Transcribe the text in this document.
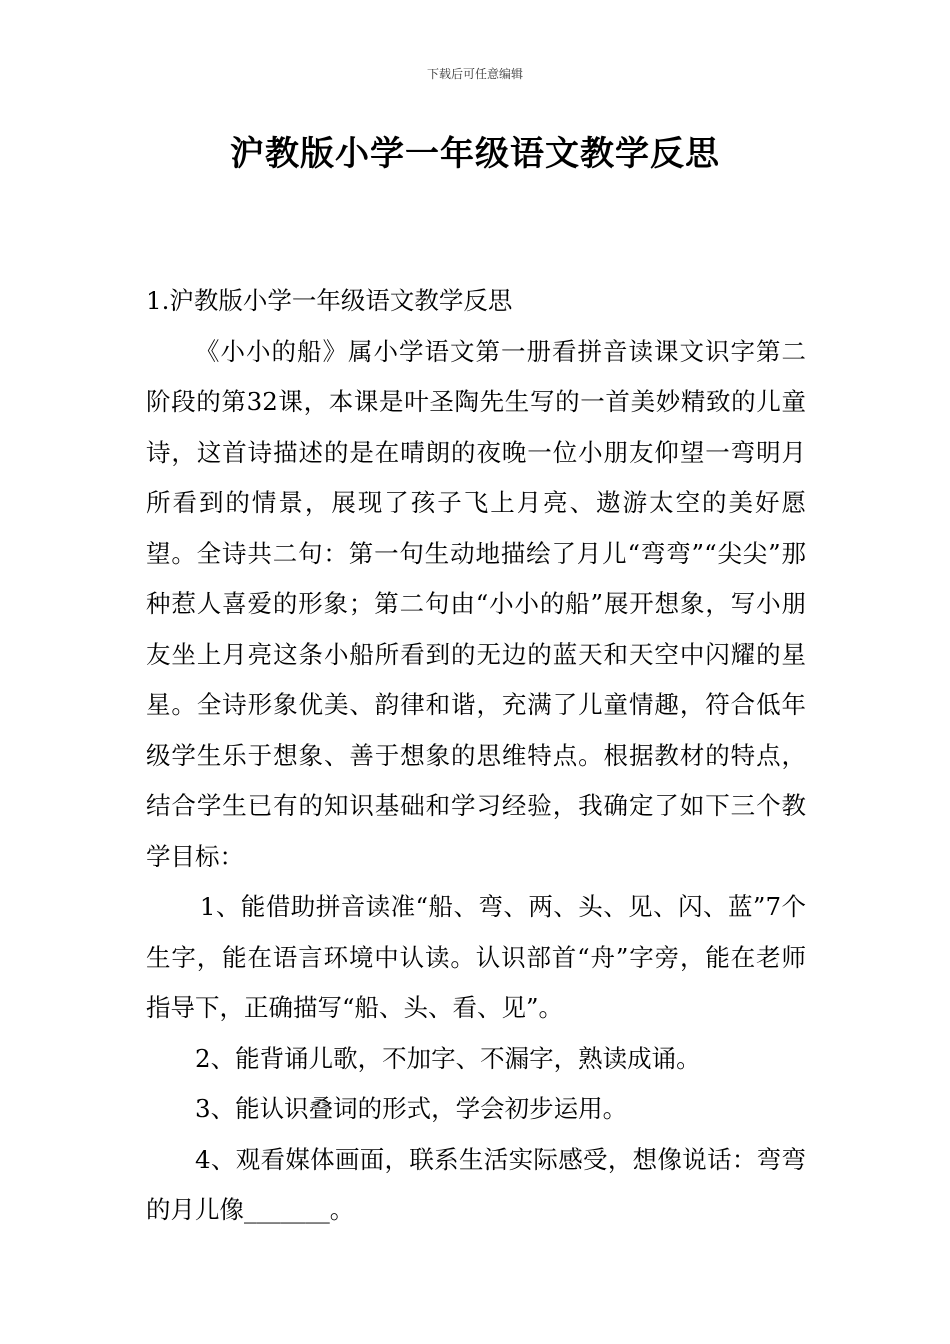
下载后可任意编辑
沪教版小学一年级语文教学反思

1.沪教版小学一年级语文教学反思

《小小的船》属小学语文第一册看拼音读课文识字第二阶段的第32课，本课是叶圣陶先生写的一首美妙精致的儿童诗，这首诗描述的是在晴朗的夜晚一位小朋友仰望一弯明月所看到的情景，展现了孩子飞上月亮、遨游太空的美好愿望。全诗共二句：第一句生动地描绘了月儿“弯弯”“尖尖”那种惹人喜爱的形象；第二句由“小小的船”展开想象，写小朋友坐上月亮这条小船所看到的无边的蓝天和天空中闪耀的星星。全诗形象优美、韵律和谐，充满了儿童情趣，符合低年级学生乐于想象、善于想象的思维特点。根据教材的特点，结合学生已有的知识基础和学习经验，我确定了如下三个教学目标：

1、能借助拼音读准“船、弯、两、头、见、闪、蓝”7个生字，能在语言环境中认读。认识部首“舟”字旁，能在老师指导下，正确描写“船、头、看、见”。

2、能背诵儿歌，不加字、不漏字，熟读成诵。

3、能认识叠词的形式，学会初步运用。

4、观看媒体画面，联系生活实际感受，想像说话：弯弯的月儿像_______。
